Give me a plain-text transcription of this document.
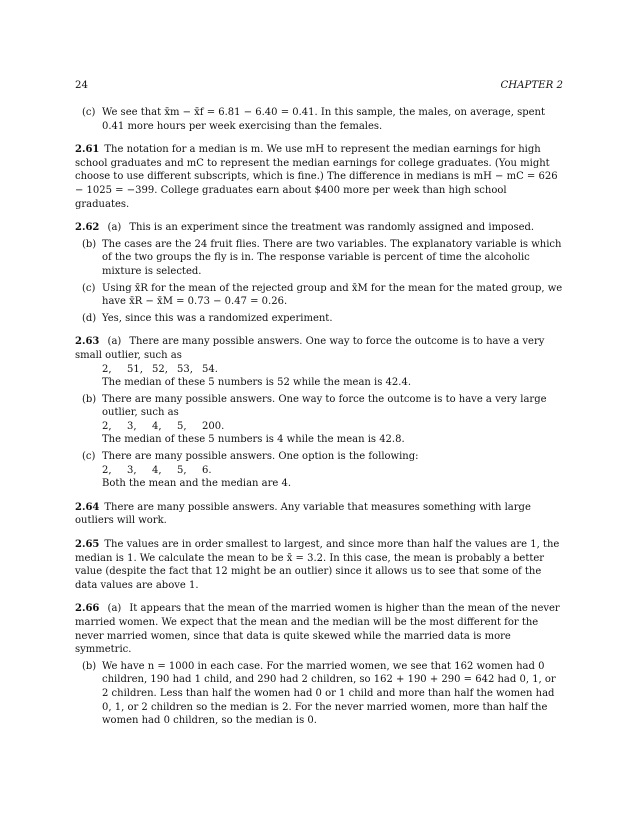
24	CHAPTER 2
(c) We see that x̄m − x̄f = 6.81 − 6.40 = 0.41. In this sample, the males, on average, spent 0.41 more hours per week exercising than the females.
2.61 The notation for a median is m. We use mH to represent the median earnings for high school graduates and mC to represent the median earnings for college graduates. (You might choose to use different subscripts, which is fine.) The difference in medians is mH − mC = 626 − 1025 = −399. College graduates earn about $400 more per week than high school graduates.
2.62 (a) This is an experiment since the treatment was randomly assigned and imposed.
(b) The cases are the 24 fruit flies. There are two variables. The explanatory variable is which of the two groups the fly is in. The response variable is percent of time the alcoholic mixture is selected.
(c) Using x̄R for the mean of the rejected group and x̄M for the mean for the mated group, we have x̄R − x̄M = 0.73 − 0.47 = 0.26.
(d) Yes, since this was a randomized experiment.
2.63 (a) There are many possible answers. One way to force the outcome is to have a very small outlier, such as
2,	51, 52, 53, 54.
The median of these 5 numbers is 52 while the mean is 42.4.
(b) There are many possible answers. One way to force the outcome is to have a very large outlier, such as
2,	3,	4,	5,	200.
The median of these 5 numbers is 4 while the mean is 42.8.
(c) There are many possible answers. One option is the following:
2,	3,	4,	5,	6.
Both the mean and the median are 4.
2.64 There are many possible answers. Any variable that measures something with large outliers will work.
2.65 The values are in order smallest to largest, and since more than half the values are 1, the median is 1. We calculate the mean to be x̄ = 3.2. In this case, the mean is probably a better value (despite the fact that 12 might be an outlier) since it allows us to see that some of the data values are above 1.
2.66 (a) It appears that the mean of the married women is higher than the mean of the never married women. We expect that the mean and the median will be the most different for the never married women, since that data is quite skewed while the married data is more symmetric.
(b) We have n = 1000 in each case. For the married women, we see that 162 women had 0 children, 190 had 1 child, and 290 had 2 children, so 162 + 190 + 290 = 642 had 0, 1, or 2 children. Less than half the women had 0 or 1 child and more than half the women had 0, 1, or 2 children so the median is 2. For the never married women, more than half the women had 0 children, so the median is 0.
